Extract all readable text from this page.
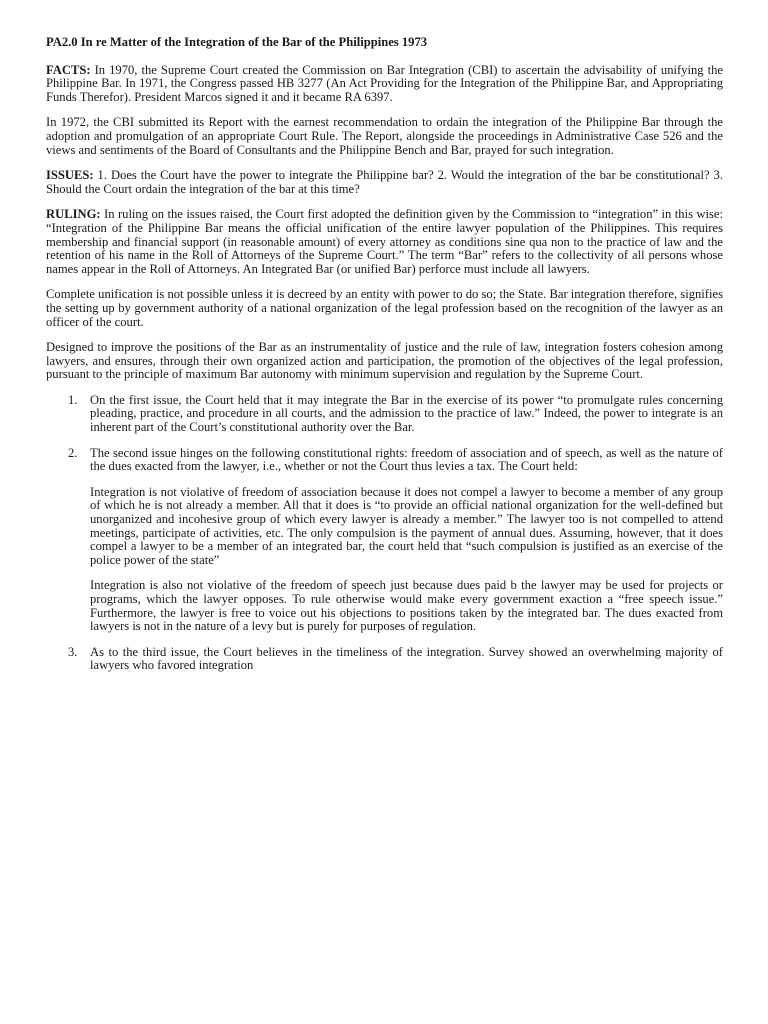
PA2.0 In re Matter of the Integration of the Bar of the Philippines 1973

FACTS: In 1970, the Supreme Court created the Commission on Bar Integration (CBI) to ascertain the advisability of unifying the Philippine Bar. In 1971, the Congress passed HB 3277 (An Act Providing for the Integration of the Philippine Bar, and Appropriating Funds Therefor). President Marcos signed it and it became RA 6397.

In 1972, the CBI submitted its Report with the earnest recommendation to ordain the integration of the Philippine Bar through the adoption and promulgation of an appropriate Court Rule. The Report, alongside the proceedings in Administrative Case 526 and the views and sentiments of the Board of Consultants and the Philippine Bench and Bar, prayed for such integration.

ISSUES: 1. Does the Court have the power to integrate the Philippine bar? 2. Would the integration of the bar be constitutional? 3. Should the Court ordain the integration of the bar at this time?

RULING: In ruling on the issues raised, the Court first adopted the definition given by the Commission to “integration” in this wise: “Integration of the Philippine Bar means the official unification of the entire lawyer population of the Philippines. This requires membership and financial support (in reasonable amount) of every attorney as conditions sine qua non to the practice of law and the retention of his name in the Roll of Attorneys of the Supreme Court.” The term “Bar” refers to the collectivity of all persons whose names appear in the Roll of Attorneys. An Integrated Bar (or unified Bar) perforce must include all lawyers.

Complete unification is not possible unless it is decreed by an entity with power to do so; the State. Bar integration therefore, signifies the setting up by government authority of a national organization of the legal profession based on the recognition of the lawyer as an officer of the court.

Designed to improve the positions of the Bar as an instrumentality of justice and the rule of law, integration fosters cohesion among lawyers, and ensures, through their own organized action and participation, the promotion of the objectives of the legal profession, pursuant to the principle of maximum Bar autonomy with minimum supervision and regulation by the Supreme Court.

1. On the first issue, the Court held that it may integrate the Bar in the exercise of its power “to promulgate rules concerning pleading, practice, and procedure in all courts, and the admission to the practice of law.” Indeed, the power to integrate is an inherent part of the Court’s constitutional authority over the Bar.

2. The second issue hinges on the following constitutional rights: freedom of association and of speech, as well as the nature of the dues exacted from the lawyer, i.e., whether or not the Court thus levies a tax. The Court held:

Integration is not violative of freedom of association because it does not compel a lawyer to become a member of any group of which he is not already a member. All that it does is “to provide an official national organization for the well-defined but unorganized and incohesive group of which every lawyer is already a member.” The lawyer too is not compelled to attend meetings, participate of activities, etc. The only compulsion is the payment of annual dues. Assuming, however, that it does compel a lawyer to be a member of an integrated bar, the court held that “such compulsion is justified as an exercise of the police power of the state”

Integration is also not violative of the freedom of speech just because dues paid b the lawyer may be used for projects or programs, which the lawyer opposes. To rule otherwise would make every government exaction a “free speech issue.” Furthermore, the lawyer is free to voice out his objections to positions taken by the integrated bar. The dues exacted from lawyers is not in the nature of a levy but is purely for purposes of regulation.

3. As to the third issue, the Court believes in the timeliness of the integration. Survey showed an overwhelming majority of lawyers who favored integration
